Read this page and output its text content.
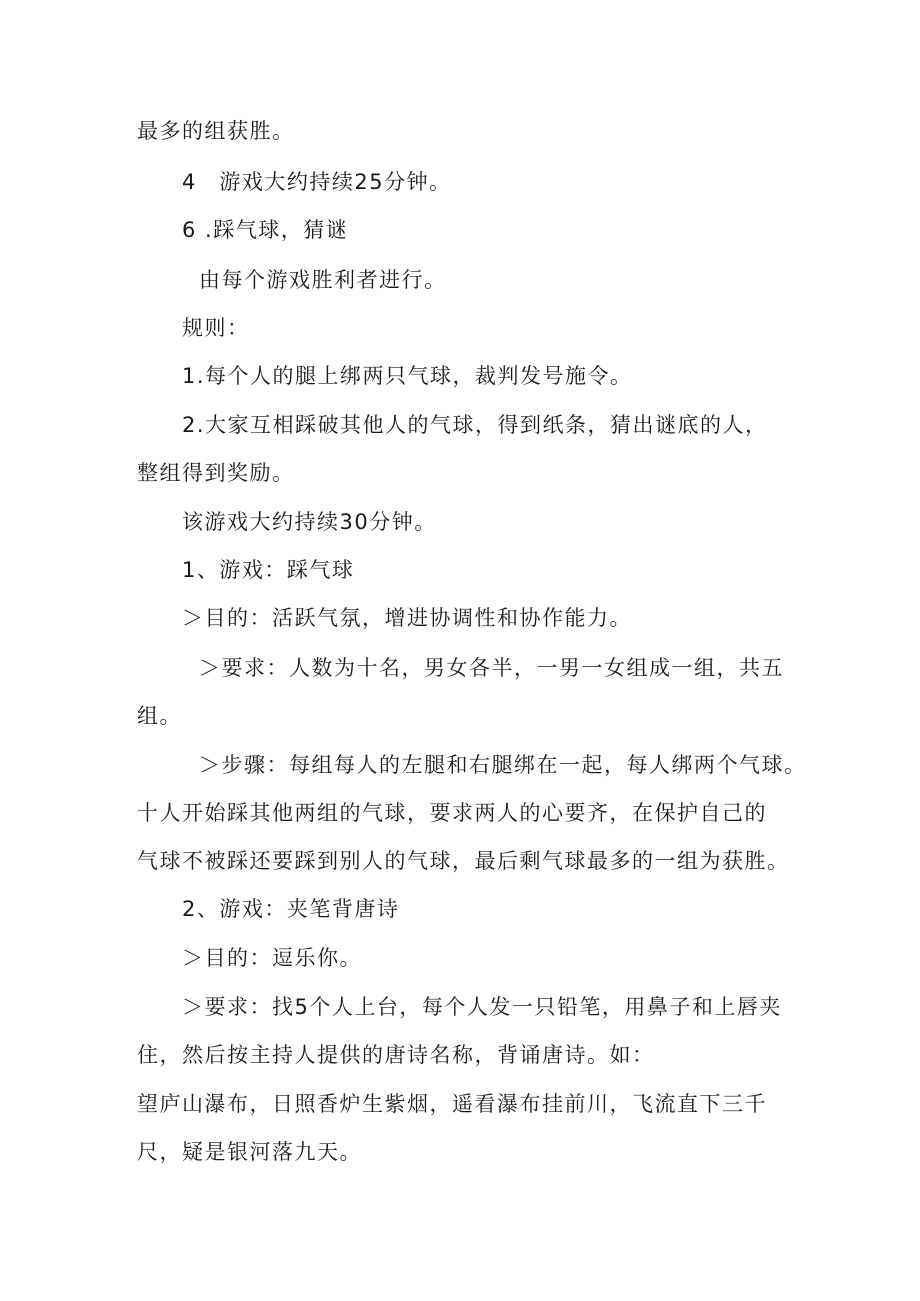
最多的组获胜。
4　游戏大约持续25分钟。
6 .踩气球，猜谜
由每个游戏胜利者进行。
规则：
1.每个人的腿上绑两只气球，裁判发号施令。
2.大家互相踩破其他人的气球，得到纸条，猜出谜底的人，
整组得到奖励。
该游戏大约持续30分钟。
1、游戏：踩气球
＞目的：活跃气氛，增进协调性和协作能力。
＞要求：人数为十名，男女各半，一男一女组成一组，共五
组。
＞步骤：每组每人的左腿和右腿绑在一起，每人绑两个气球。
十人开始踩其他两组的气球，要求两人的心要齐，在保护自己的
气球不被踩还要踩到别人的气球，最后剩气球最多的一组为获胜。
2、游戏：夹笔背唐诗
＞目的：逗乐你。
＞要求：找5个人上台，每个人发一只铅笔，用鼻子和上唇夹
住，然后按主持人提供的唐诗名称，背诵唐诗。如：
望庐山瀑布，日照香炉生紫烟，遥看瀑布挂前川，飞流直下三千
尺，疑是银河落九天。
